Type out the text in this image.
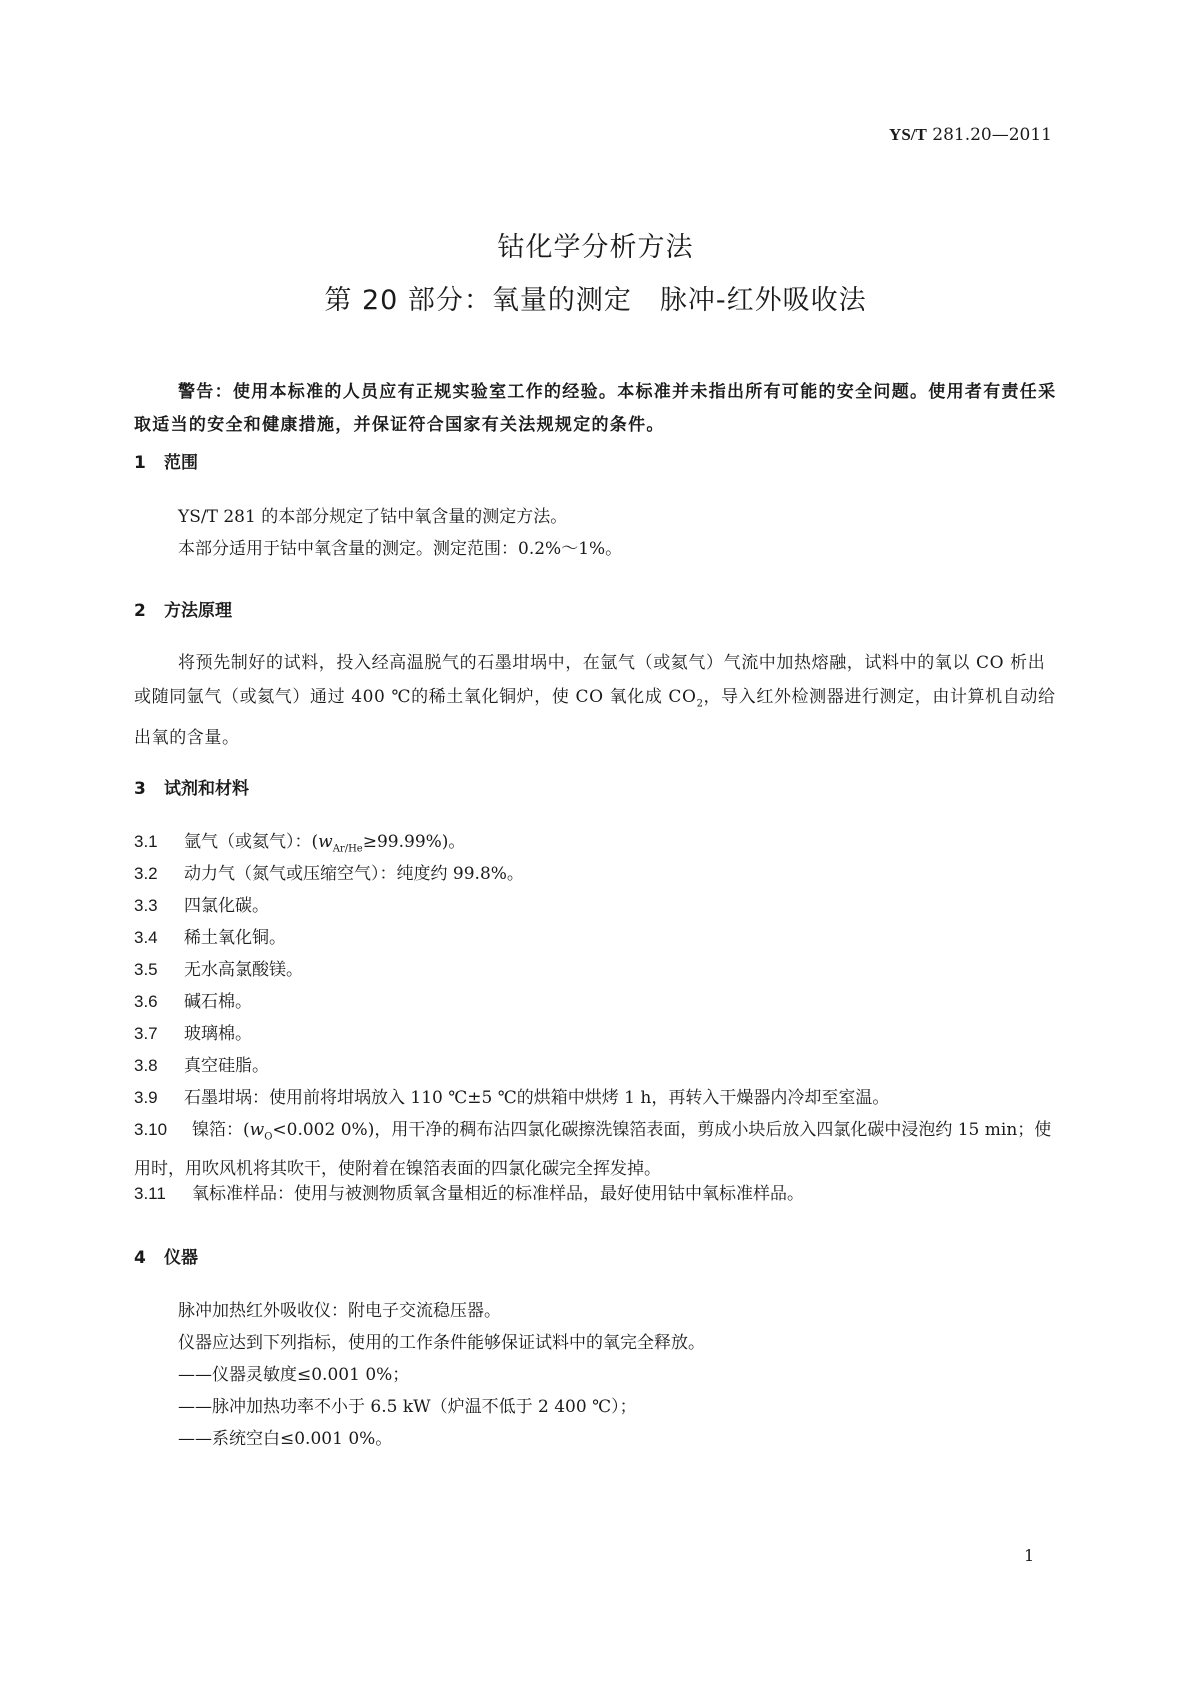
YS/T 281.20—2011
钴化学分析方法
第 20 部分：氧量的测定　脉冲-红外吸收法
警告：使用本标准的人员应有正规实验室工作的经验。本标准并未指出所有可能的安全问题。使用者有责任采取适当的安全和健康措施，并保证符合国家有关法规规定的条件。
1 范围
YS/T 281 的本部分规定了钴中氧含量的测定方法。
本部分适用于钴中氧含量的测定。测定范围：0.2%～1%。
2 方法原理
将预先制好的试料，投入经高温脱气的石墨坩埚中，在氩气（或氦气）气流中加热熔融，试料中的氧以 CO 析出或随同氩气（或氦气）通过 400 ℃的稀土氧化铜炉，使 CO 氧化成 $CO_2$，导入红外检测器进行测定，由计算机自动给出氧的含量。
3 试剂和材料
3.1 氩气（或氦气）：$(w_{Ar/He}\ge 99.99\%)$。
3.2 动力气（氮气或压缩空气）：纯度约 99.8%。
3.3 四氯化碳。
3.4 稀土氧化铜。
3.5 无水高氯酸镁。
3.6 碱石棉。
3.7 玻璃棉。
3.8 真空硅脂。
3.9 石墨坩埚：使用前将坩埚放入 110 ℃±5 ℃的烘箱中烘烤 1 h，再转入干燥器内冷却至室温。
3.10 镍箔：($w_O<0.002$ 0%)，用干净的稠布沾四氯化碳擦洗镍箔表面，剪成小块后放入四氯化碳中浸泡约 15 min；使用时，用吹风机将其吹干，使附着在镍箔表面的四氯化碳完全挥发掉。
3.11 氧标准样品：使用与被测物质氧含量相近的标准样品，最好使用钴中氧标准样品。
4 仪器
脉冲加热红外吸收仪：附电子交流稳压器。
仪器应达到下列指标，使用的工作条件能够保证试料中的氧完全释放。
——仪器灵敏度≤0.001 0%；
——脉冲加热功率不小于 6.5 kW（炉温不低于 2 400 ℃）；
——系统空白≤0.001 0%。
1
